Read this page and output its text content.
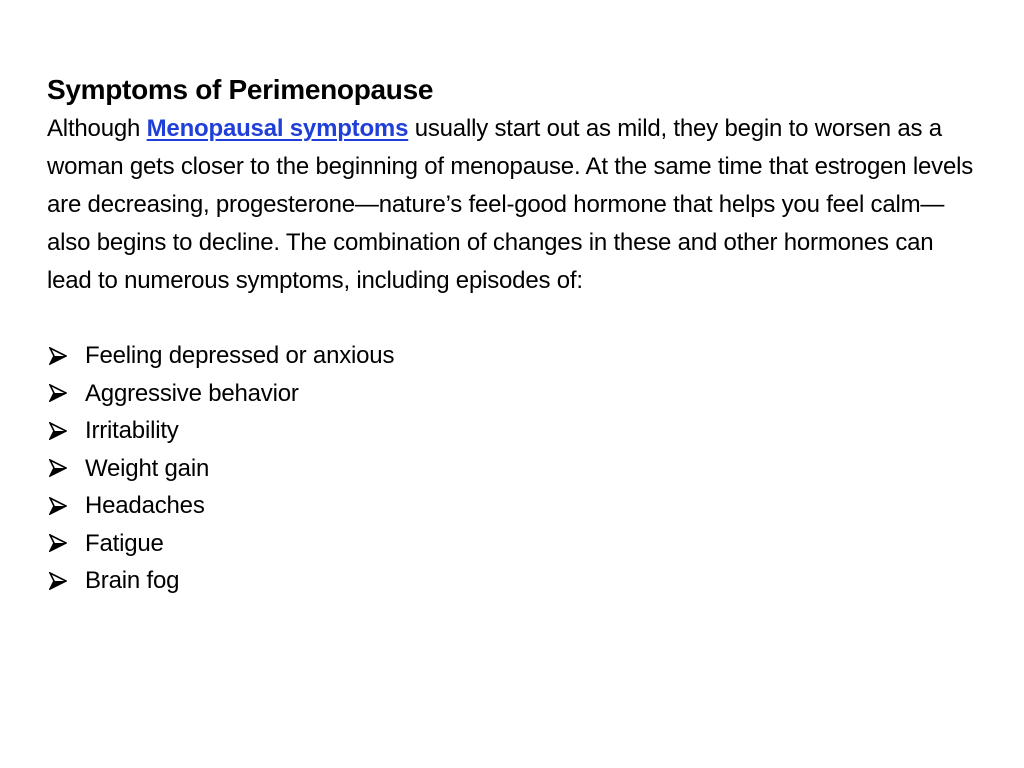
Symptoms of Perimenopause

Although Menopausal symptoms usually start out as mild, they begin to worsen as a woman gets closer to the beginning of menopause. At the same time that estrogen levels are decreasing, progesterone—nature’s feel-good hormone that helps you feel calm—also begins to decline. The combination of changes in these and other hormones can lead to numerous symptoms, including episodes of:

Feeling depressed or anxious
Aggressive behavior
Irritability
Weight gain
Headaches
Fatigue
Brain fog
